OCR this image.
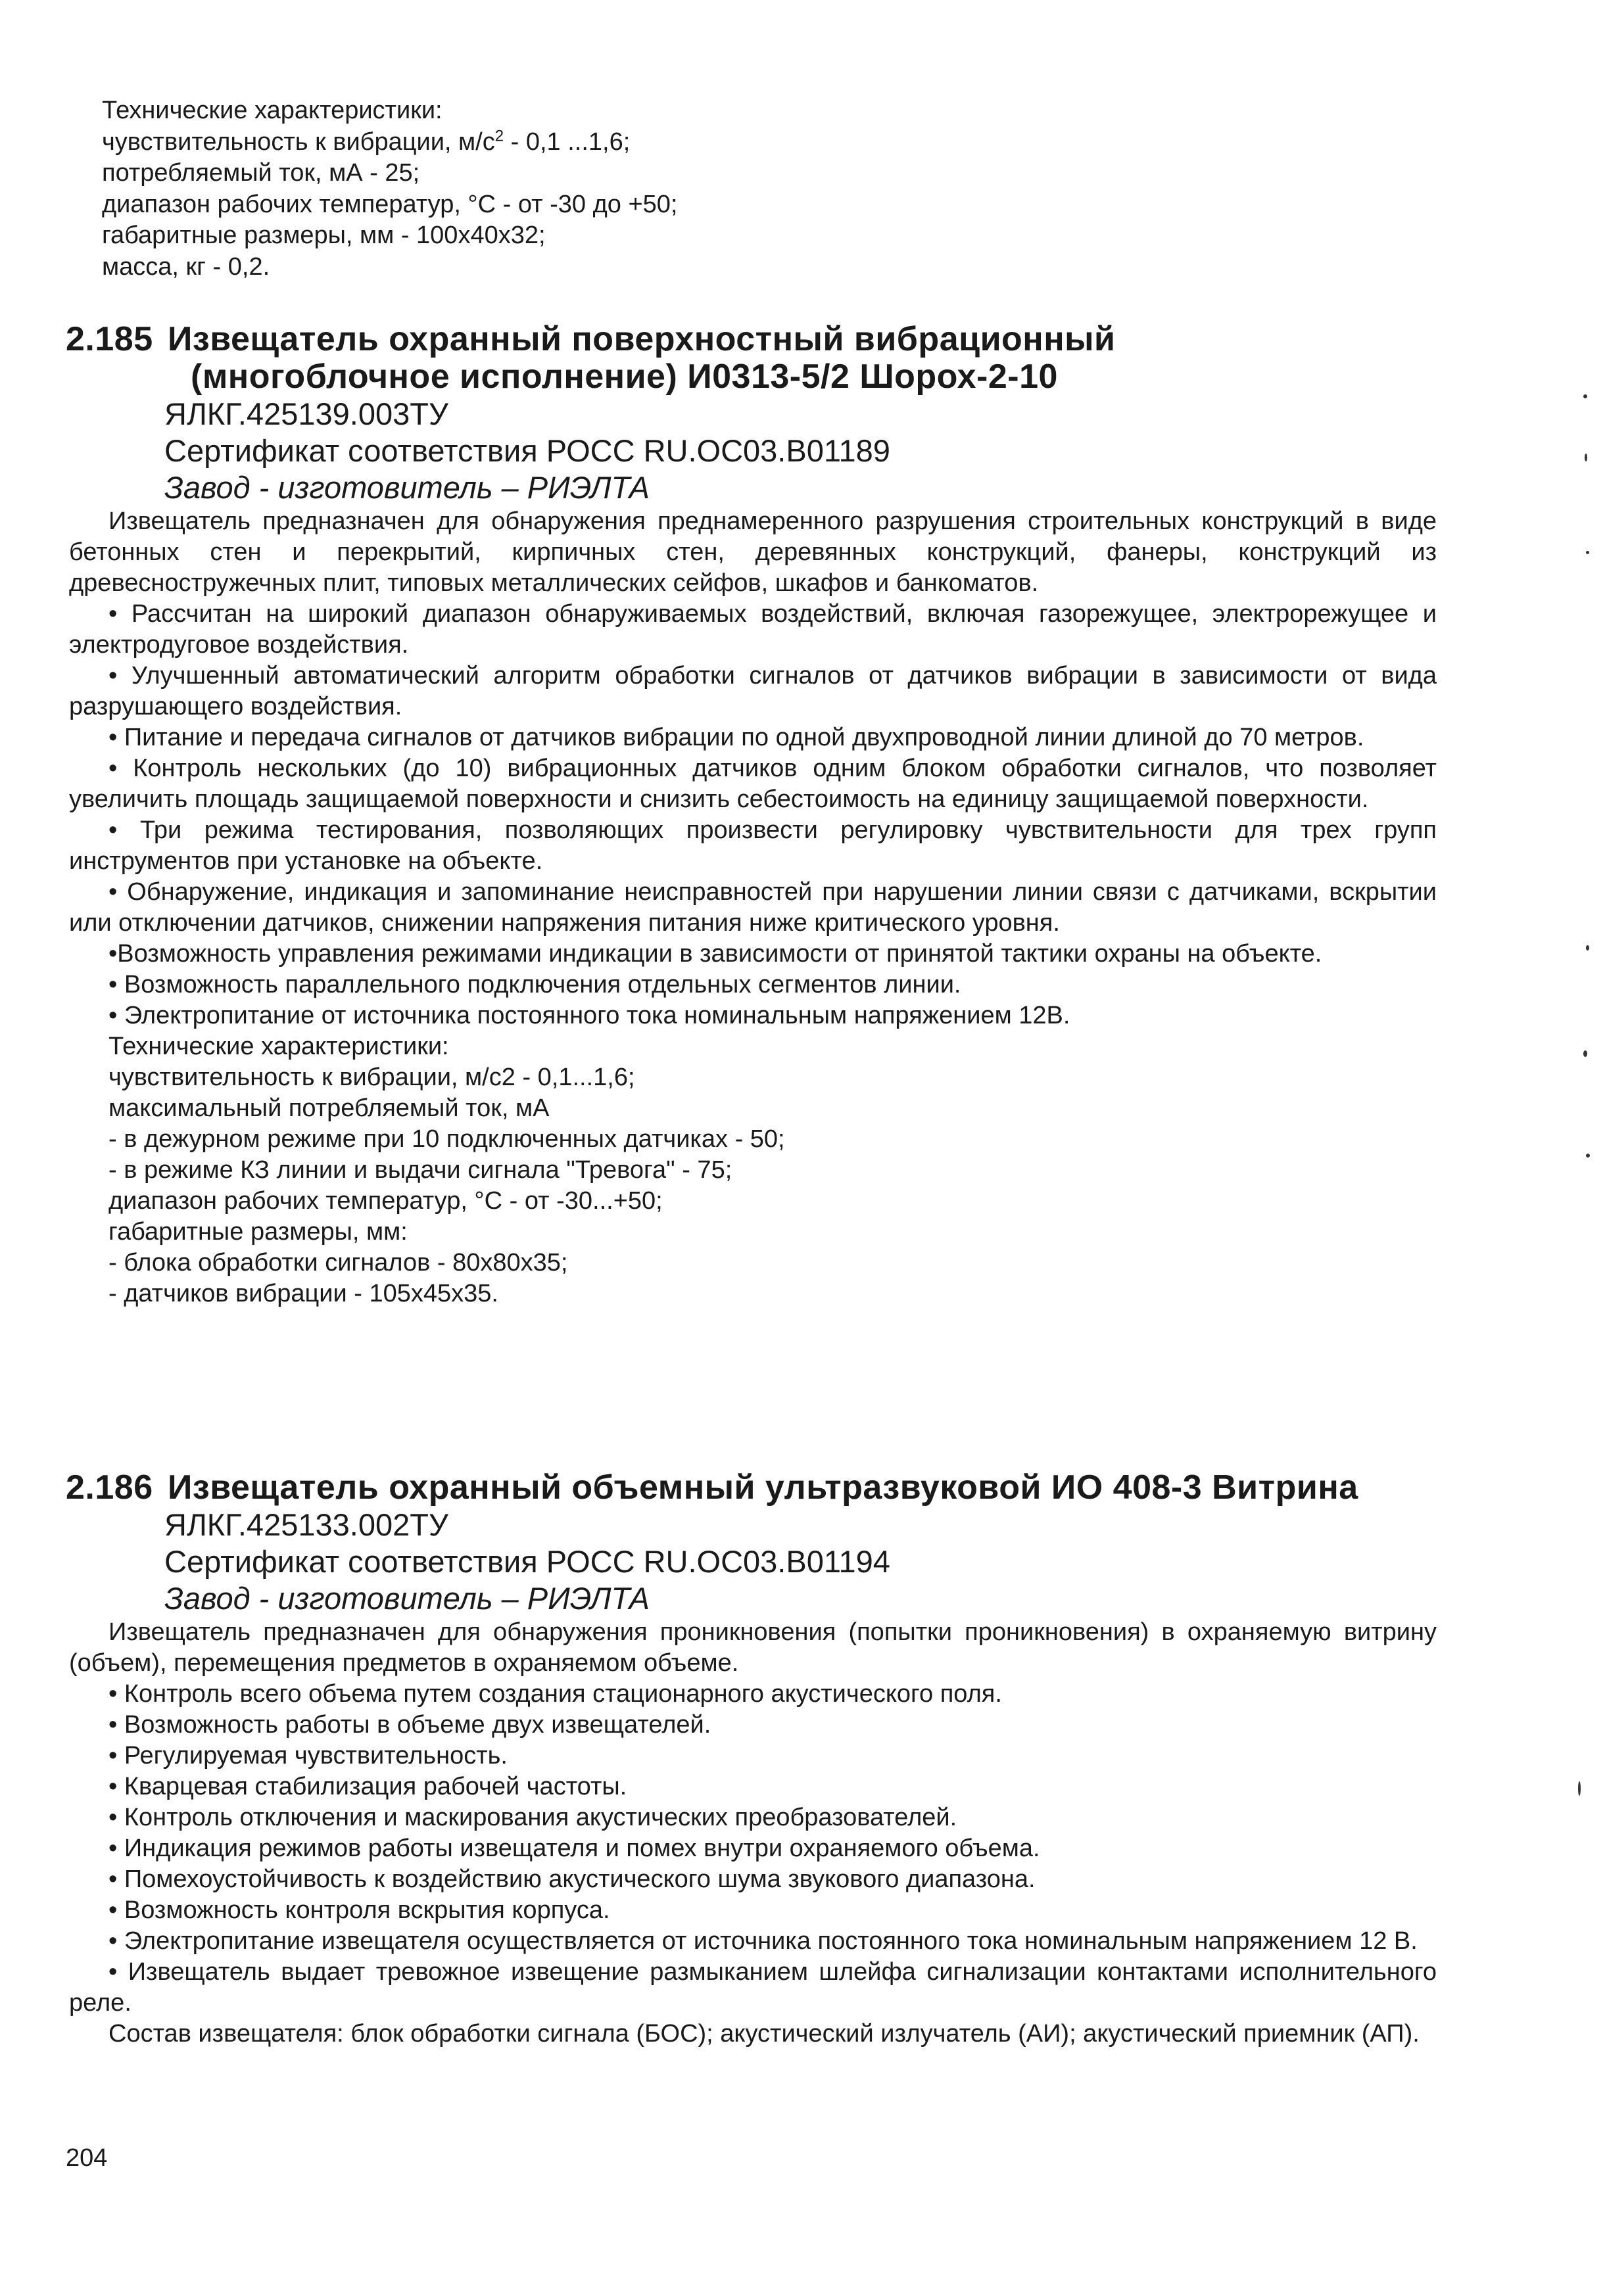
Технические характеристики:
чувствительность к вибрации, $м/с^2 - 0,1$ ...1,6;
потребляемый ток, мА - 25;
диапазон рабочих температур, °С - от -30 до +50;
габаритные размеры, мм - 100x40x32;
масса, кг - 0,2.
2.185 Извещатель охранный поверхностный вибрационный
(многоблочное исполнение) И0313-5/2 Шорох-2-10
ЯЛКГ.425139.003ТУ
Сертификат соответствия РОСС RU.OC03.B01189
Завод - изготовитель – РИЭЛТА
Извещатель предназначен для обнаружения преднамеренного разрушения строительных конструкций в виде бетонных стен и перекрытий, кирпичных стен, деревянных конструкций, фанеры, конструкций из древесностружечных плит, типовых металлических сейфов, шкафов и банкоматов.
• Рассчитан на широкий диапазон обнаруживаемых воздействий, включая газорежущее, электрорежущее и электродуговое воздействия.
• Улучшенный автоматический алгоритм обработки сигналов от датчиков вибрации в зависимости от вида разрушающего воздействия.
• Питание и передача сигналов от датчиков вибрации по одной двухпроводной линии длиной до 70 метров.
• Контроль нескольких (до 10) вибрационных датчиков одним блоком обработки сигналов, что позволяет увеличить площадь защищаемой поверхности и снизить себестоимость на единицу защищаемой поверхности.
• Три режима тестирования, позволяющих произвести регулировку чувствительности для трех групп инструментов при установке на объекте.
• Обнаружение, индикация и запоминание неисправностей при нарушении линии связи с датчиками, вскрытии или отключении датчиков, снижении напряжения питания ниже критического уровня.
•Возможность управления режимами индикации в зависимости от принятой тактики охраны на объекте.
• Возможность параллельного подключения отдельных сегментов линии.
• Электропитание от источника постоянного тока номинальным напряжением 12В.
Технические характеристики:
чувствительность к вибрации, м/с2 - 0,1...1,6;
максимальный потребляемый ток, мА
- в дежурном режиме при 10 подключенных датчиках - 50;
- в режиме КЗ линии и выдачи сигнала "Тревога" - 75;
диапазон рабочих температур, °С - от -30...+50;
габаритные размеры, мм:
- блока обработки сигналов - 80x80x35;
- датчиков вибрации - 105x45x35.
2.186 Извещатель охранный объемный ультразвуковой ИО 408-3 Витрина
ЯЛКГ.425133.002ТУ
Сертификат соответствия РОСС RU.OC03.B01194
Завод - изготовитель – РИЭЛТА
Извещатель предназначен для обнаружения проникновения (попытки проникновения) в охраняемую витрину (объем), перемещения предметов в охраняемом объеме.
• Контроль всего объема путем создания стационарного акустического поля.
• Возможность работы в объеме двух извещателей.
• Регулируемая чувствительность.
• Кварцевая стабилизация рабочей частоты.
• Контроль отключения и маскирования акустических преобразователей.
• Индикация режимов работы извещателя и помех внутри охраняемого объема.
• Помехоустойчивость к воздействию акустического шума звукового диапазона.
• Возможность контроля вскрытия корпуса.
• Электропитание извещателя осуществляется от источника постоянного тока номинальным напряжением 12 В.
• Извещатель выдает тревожное извещение размыканием шлейфа сигнализации контактами исполнительного реле.
Состав извещателя: блок обработки сигнала (БОС); акустический излучатель (АИ); акустический приемник (АП).
204
